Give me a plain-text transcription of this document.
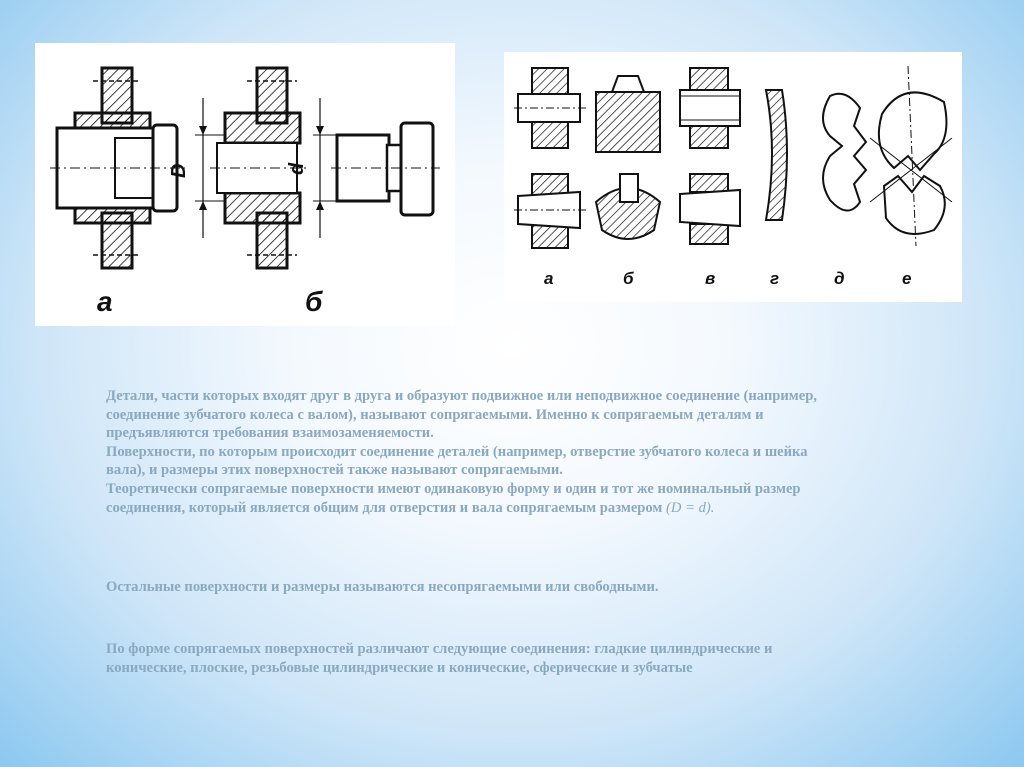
D	d
а	б
а	б	в	г	д	е
Детали, части которых входят друг в друга и образуют подвижное или неподвижное соединение (например,
соединение зубчатого колеса с валом), называют сопрягаемыми. Именно к сопрягаемым деталям и
предъявляются требования взаимозаменяемости.
Поверхности, по которым происходит соединение деталей (например, отверстие зубчатого колеса и шейка
вала), и размеры этих поверхностей также называют сопрягаемыми.
Теоретически сопрягаемые поверхности имеют одинаковую форму и один и тот же номинальный размер
соединения, который является общим для отверстия и вала сопрягаемым размером (D = d).
Остальные поверхности и размеры называются несопрягаемыми или свободными.
По форме сопрягаемых поверхностей различают следующие соединения: гладкие цилиндрические и
конические, плоские, резьбовые цилиндрические и конические, сферические и зубчатые
